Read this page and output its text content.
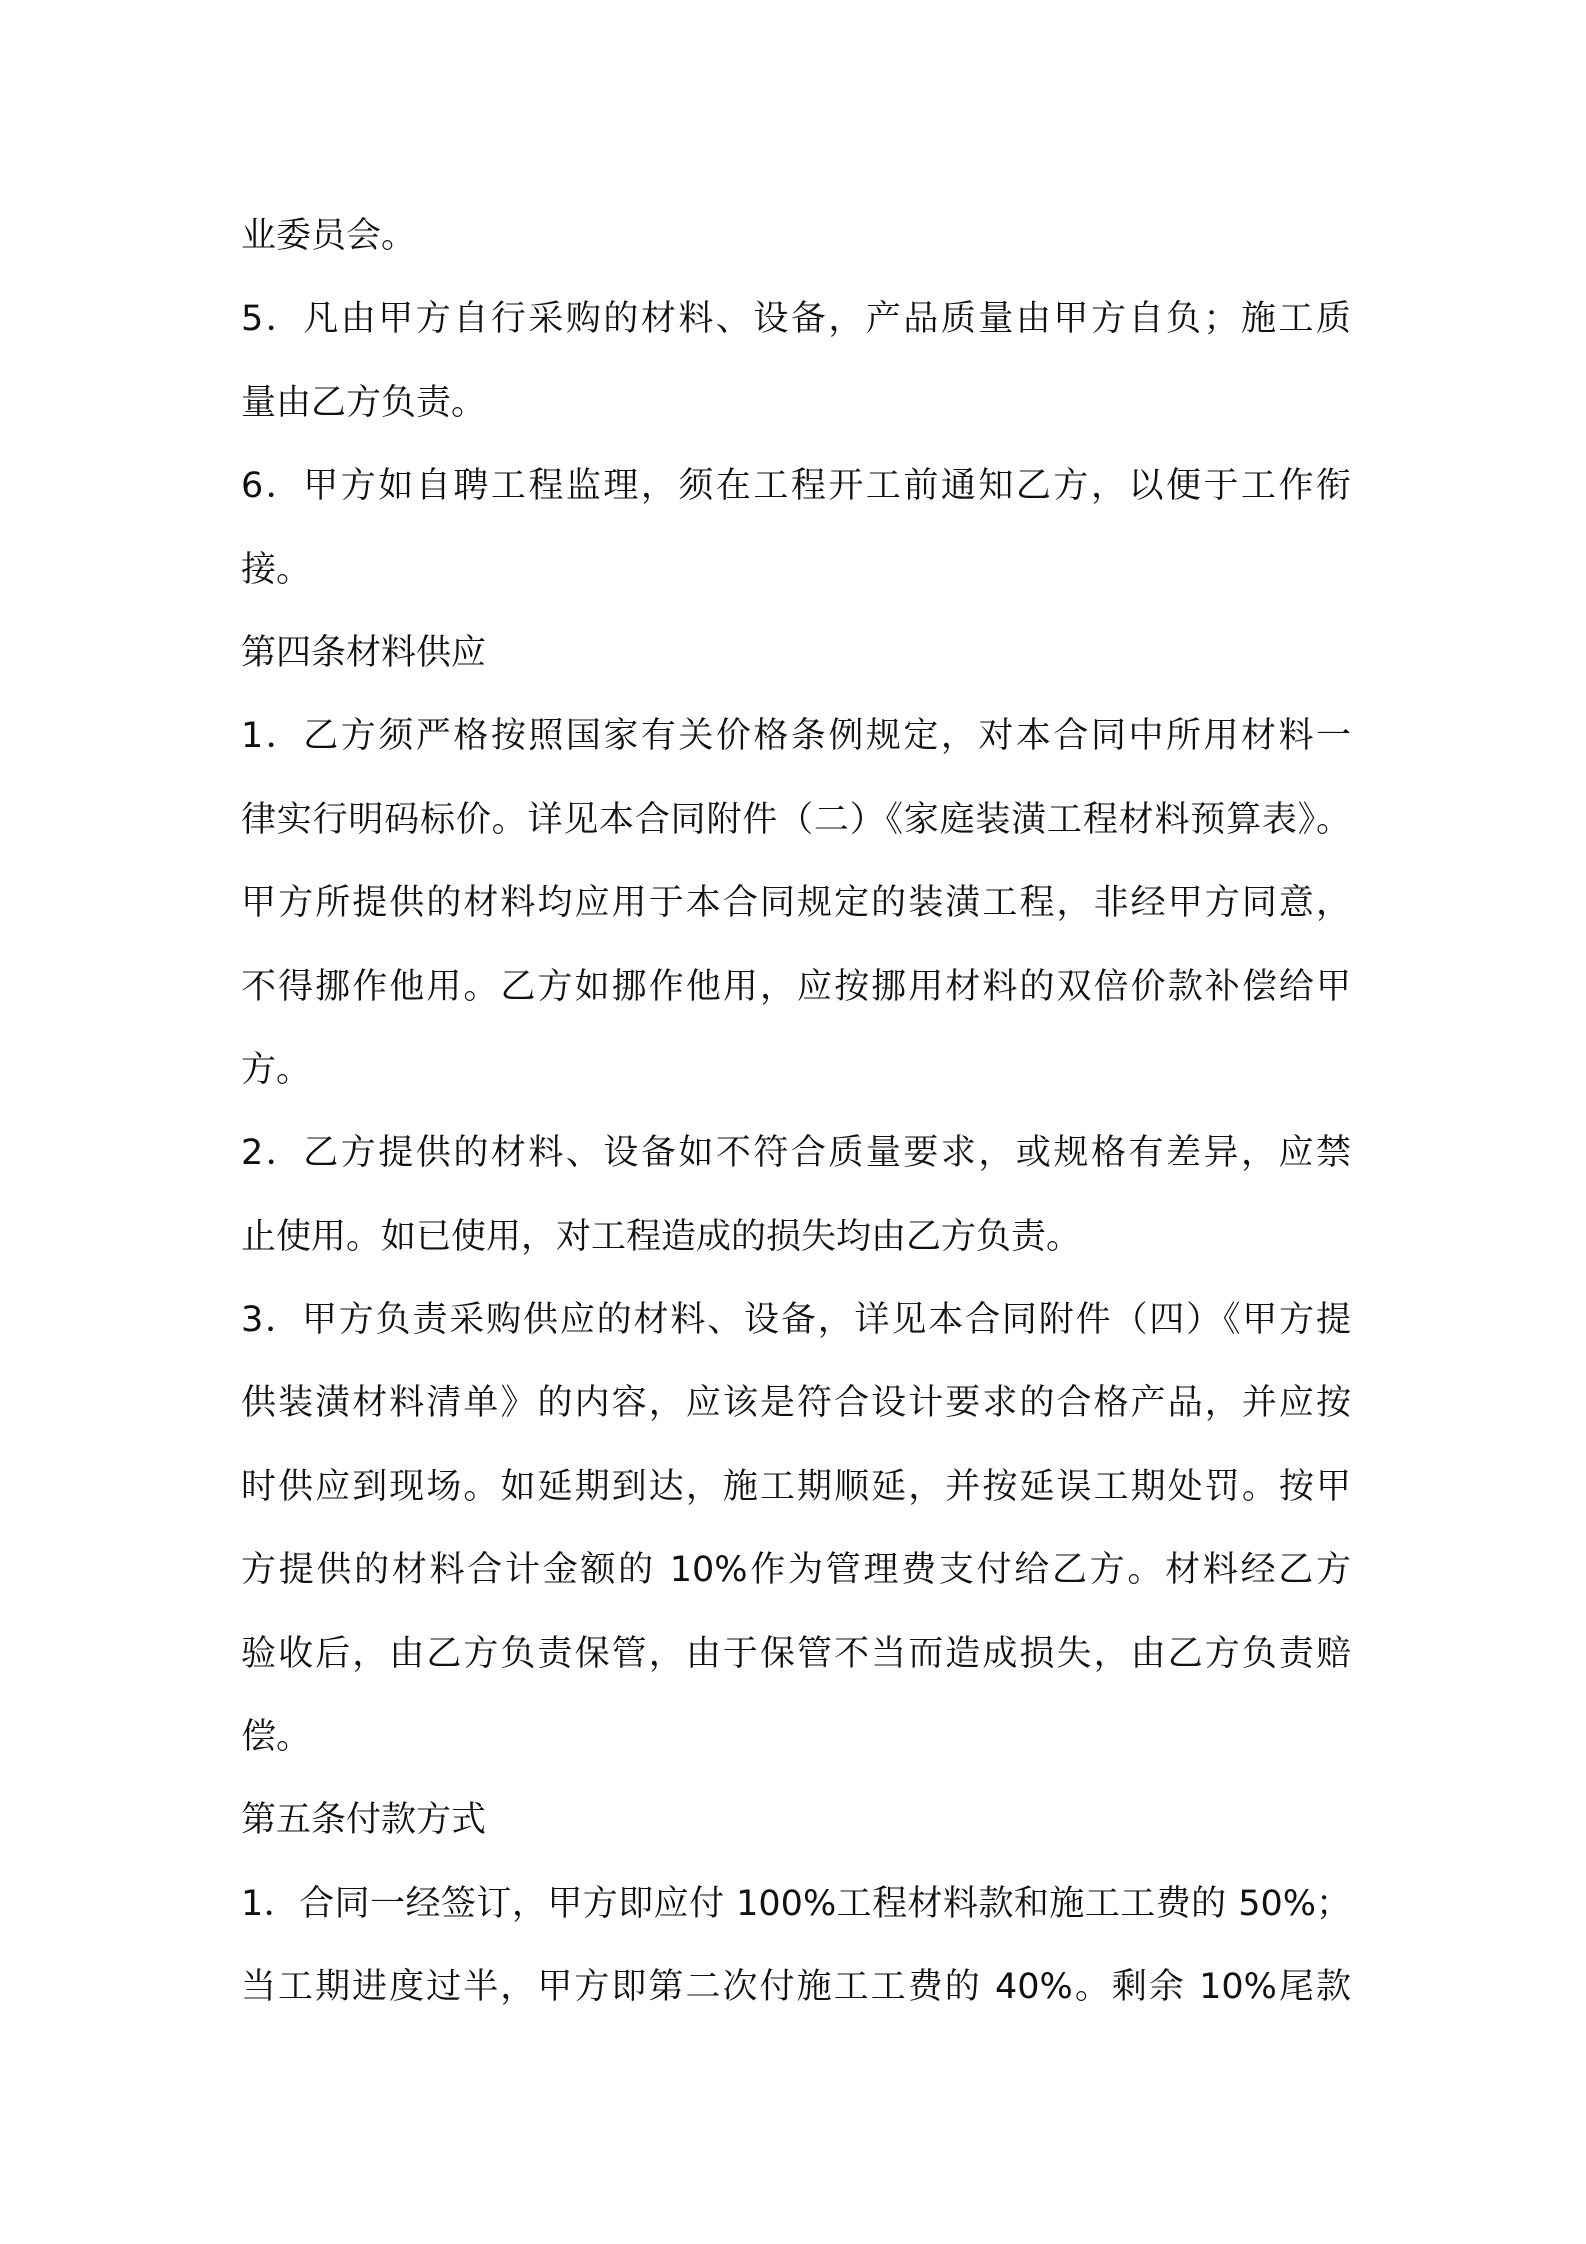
业委员会。
5．凡由甲方自行采购的材料、设备，产品质量由甲方自负；施工质
量由乙方负责。
6．甲方如自聘工程监理，须在工程开工前通知乙方，以便于工作衔
接。
第四条材料供应
1．乙方须严格按照国家有关价格条例规定，对本合同中所用材料一
律实行明码标价。详见本合同附件（二）《家庭装潢工程材料预算表》。
甲方所提供的材料均应用于本合同规定的装潢工程，非经甲方同意，
不得挪作他用。乙方如挪作他用，应按挪用材料的双倍价款补偿给甲
方。
2．乙方提供的材料、设备如不符合质量要求，或规格有差异，应禁
止使用。如已使用，对工程造成的损失均由乙方负责。
3．甲方负责采购供应的材料、设备，详见本合同附件（四）《甲方提
供装潢材料清单》的内容，应该是符合设计要求的合格产品，并应按
时供应到现场。如延期到达，施工期顺延，并按延误工期处罚。按甲
方提供的材料合计金额的 10%作为管理费支付给乙方。材料经乙方
验收后，由乙方负责保管，由于保管不当而造成损失，由乙方负责赔
偿。
第五条付款方式
1．合同一经签订，甲方即应付 100%工程材料款和施工工费的 50%；
当工期进度过半，甲方即第二次付施工工费的 40%。剩余 10%尾款
